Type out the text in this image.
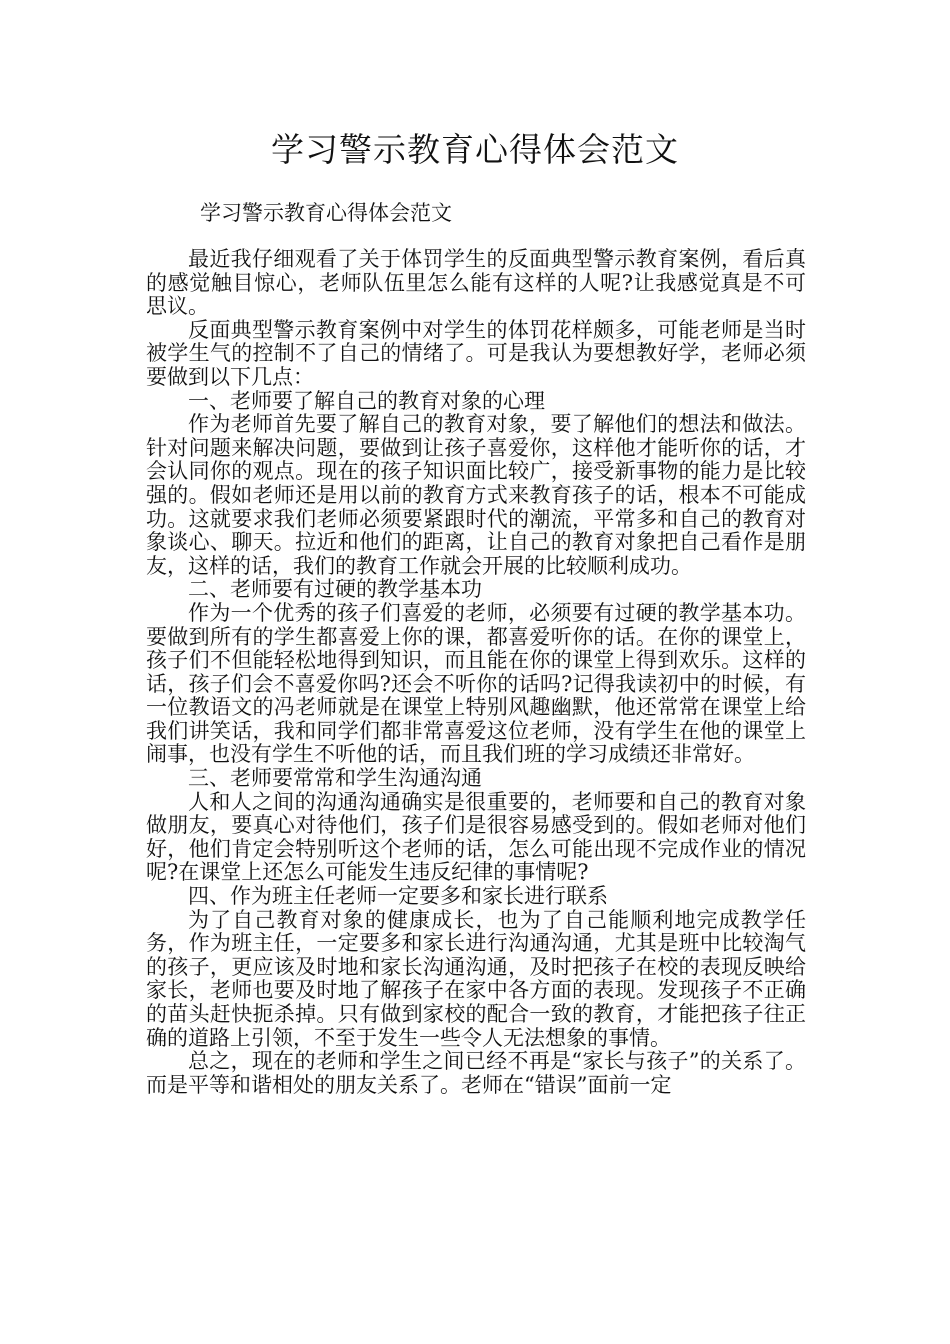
学习警示教育心得体会范文
学习警示教育心得体会范文

最近我仔细观看了关于体罚学生的反面典型警示教育案例，看后真的感觉触目惊心，老师队伍里怎么能有这样的人呢?让我感觉真是不可思议。

反面典型警示教育案例中对学生的体罚花样颇多，可能老师是当时被学生气的控制不了自己的情绪了。可是我认为要想教好学，老师必须要做到以下几点：

一、老师要了解自己的教育对象的心理

作为老师首先要了解自己的教育对象，要了解他们的想法和做法。针对问题来解决问题，要做到让孩子喜爱你，这样他才能听你的话，才会认同你的观点。现在的孩子知识面比较广，接受新事物的能力是比较强的。假如老师还是用以前的教育方式来教育孩子的话，根本不可能成功。这就要求我们老师必须要紧跟时代的潮流，平常多和自己的教育对象谈心、聊天。拉近和他们的距离，让自己的教育对象把自己看作是朋友，这样的话，我们的教育工作就会开展的比较顺利成功。

二、老师要有过硬的教学基本功

作为一个优秀的孩子们喜爱的老师，必须要有过硬的教学基本功。要做到所有的学生都喜爱上你的课，都喜爱听你的话。在你的课堂上，孩子们不但能轻松地得到知识，而且能在你的课堂上得到欢乐。这样的话，孩子们会不喜爱你吗?还会不听你的话吗?记得我读初中的时候，有一位教语文的冯老师就是在课堂上特别风趣幽默，他还常常在课堂上给我们讲笑话，我和同学们都非常喜爱这位老师，没有学生在他的课堂上闹事，也没有学生不听他的话，而且我们班的学习成绩还非常好。

三、老师要常常和学生沟通沟通

人和人之间的沟通沟通确实是很重要的，老师要和自己的教育对象做朋友，要真心对待他们，孩子们是很容易感受到的。假如老师对他们好，他们肯定会特别听这个老师的话，怎么可能出现不完成作业的情况呢?在课堂上还怎么可能发生违反纪律的事情呢?

四、作为班主任老师一定要多和家长进行联系

为了自己教育对象的健康成长，也为了自己能顺利地完成教学任务，作为班主任，一定要多和家长进行沟通沟通，尤其是班中比较淘气的孩子，更应该及时地和家长沟通沟通，及时把孩子在校的表现反映给家长，老师也要及时地了解孩子在家中各方面的表现。发现孩子不正确的苗头赶快扼杀掉。只有做到家校的配合一致的教育，才能把孩子往正确的道路上引领，不至于发生一些令人无法想象的事情。

总之，现在的老师和学生之间已经不再是“家长与孩子”的关系了。而是平等和谐相处的朋友关系了。老师在“错误”面前一定
